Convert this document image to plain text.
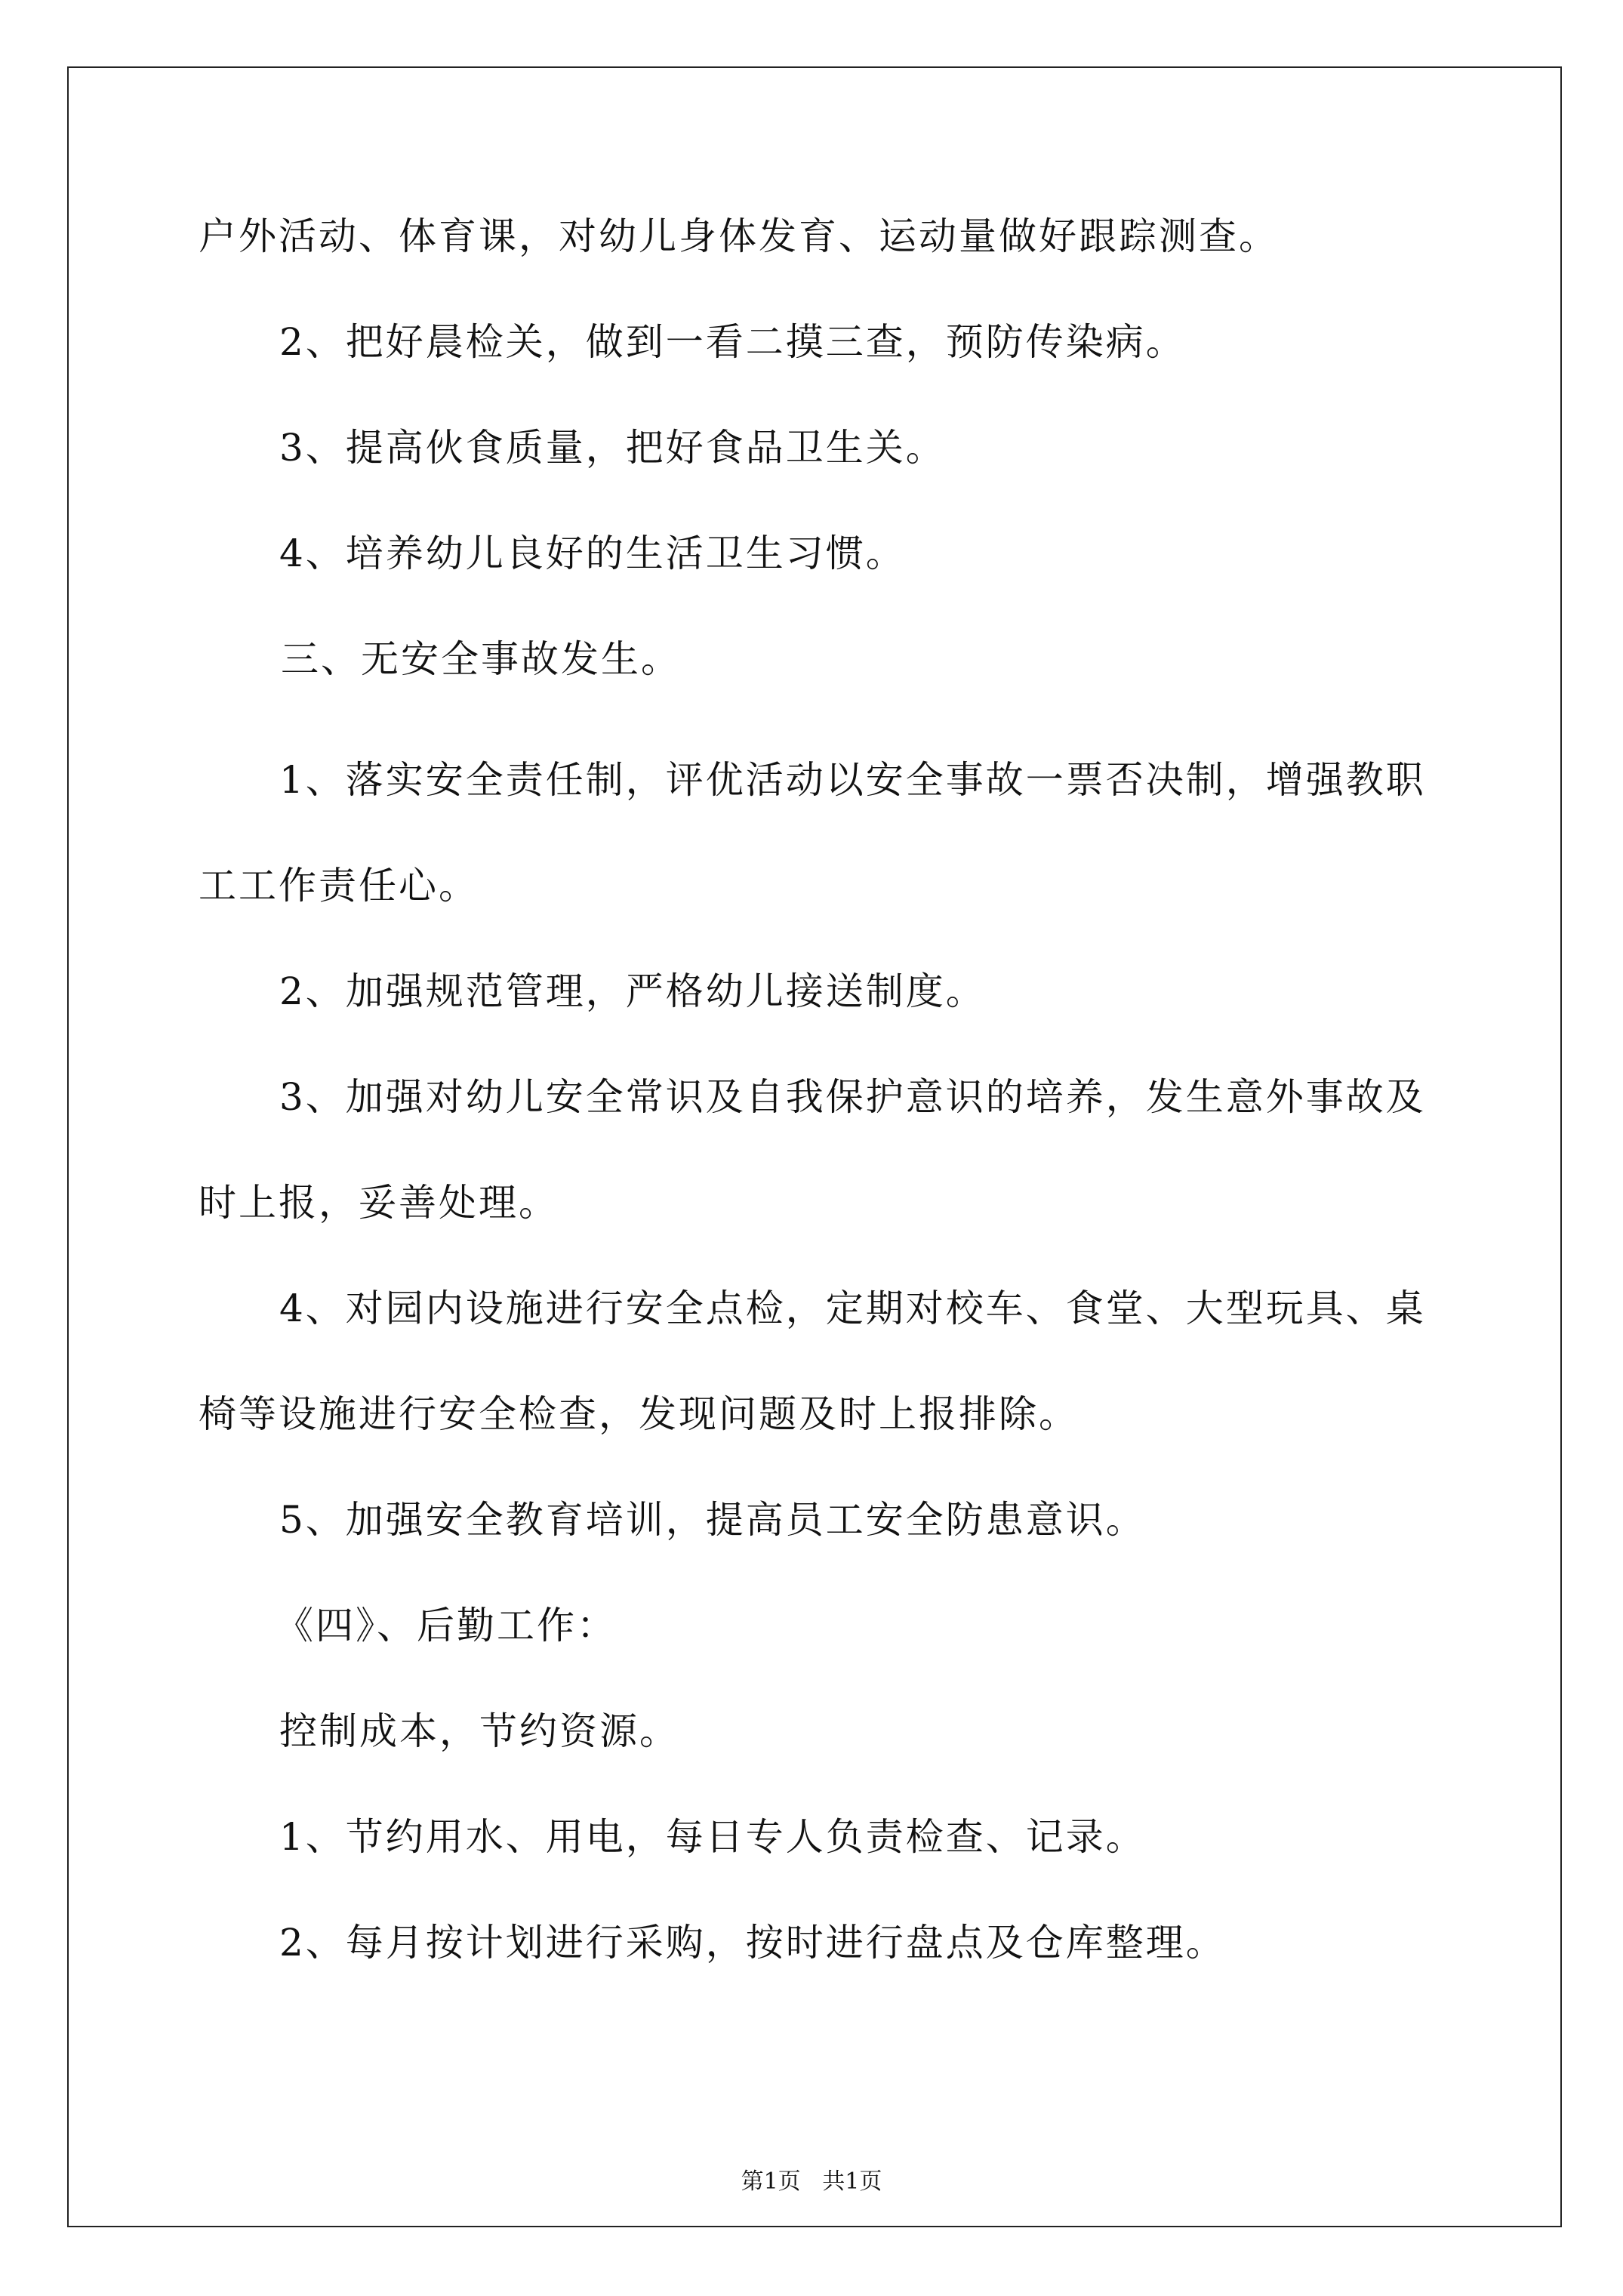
户外活动、体育课，对幼儿身体发育、运动量做好跟踪测查。
2、把好晨检关，做到一看二摸三查，预防传染病。
3、提高伙食质量，把好食品卫生关。
4、培养幼儿良好的生活卫生习惯。
三、无安全事故发生。
1、落实安全责任制，评优活动以安全事故一票否决制，增强教职
工工作责任心。
2、加强规范管理，严格幼儿接送制度。
3、加强对幼儿安全常识及自我保护意识的培养，发生意外事故及
时上报，妥善处理。
4、对园内设施进行安全点检，定期对校车、食堂、大型玩具、桌
椅等设施进行安全检查，发现问题及时上报排除。
5、加强安全教育培训，提高员工安全防患意识。
《四》、后勤工作：
控制成本，节约资源。
1、节约用水、用电，每日专人负责检查、记录。
2、每月按计划进行采购，按时进行盘点及仓库整理。
第1页   共1页
